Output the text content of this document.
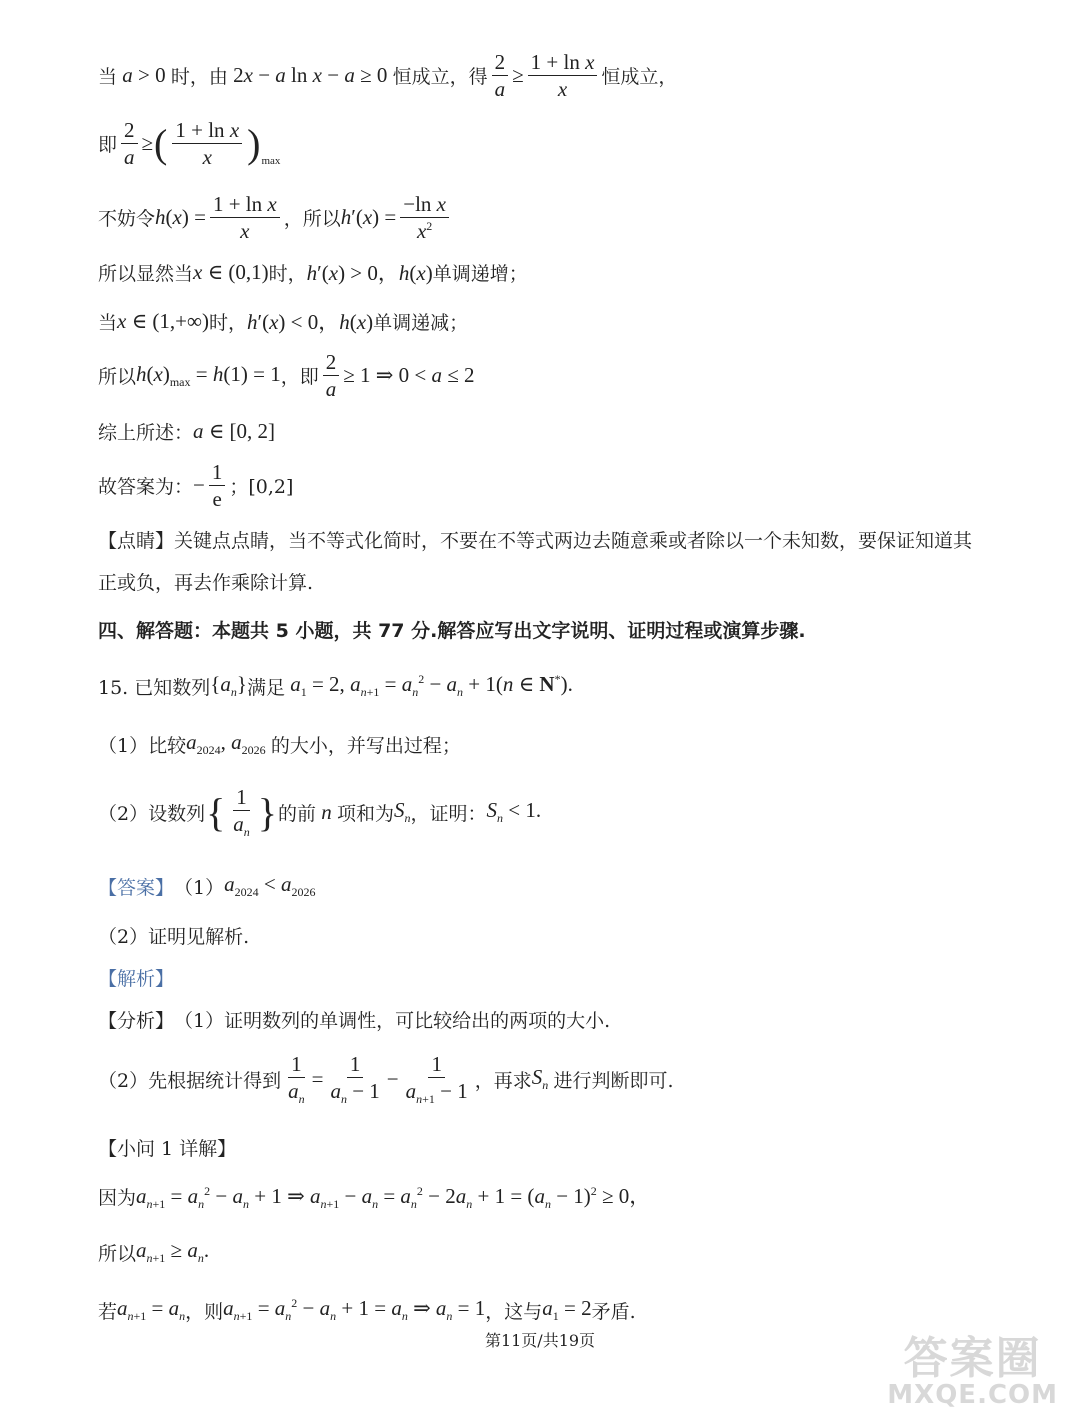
当 a > 0 时，由 2x − a ln x − a ≥ 0 恒成立，得 $\frac{2}{a} \ge \frac{\text{1 + ln x}}{x}$ 恒成立，
即 $\frac{2}{a}$ ≥ ( $\frac{\text{1 + ln x}}{x}$ ) max
不妨令 $h(x) = \frac{\text{1 + ln x}}{x}$ ，所以 $h'(x) = \frac{\text{−ln x}}{x^2}$
所以显然当 x ∈ (0,1) 时， h′(x) > 0，h(x) 单调递增；
当 x ∈ (1,+∞) 时， h′(x) < 0，h(x) 单调递减；
所以 $h(x)_{max} = h(1) = 1$ ，即 $\frac{2}{a} \ge 1$ ⇒ 0 < a ≤ 2
综上所述： a ∈ [0, 2]
故答案为： − $\frac{1}{e}$ ；[0,2]
【点睛】 关键点点睛，当不等式化简时，不要在不等式两边去随意乘或者除以一个未知数，要保证知道其
正或负，再去作乘除计算.
四、解答题：本题共 5 小题，共 77 分.解答应写出文字说明、证明过程或演算步骤.
15. 已知数列 $\{a_n\}$ 满足 $a_1 = 2$, $a_{n+1} = a_n^2 - a_n + 1(n$ ∈ N*).
（1）比较 $a_{2024}$, $a_{2026}$ 的大小，并写出过程；
（2）设数列 { $\frac{1}{a_n}$ } 的前 n 项和为 $S_n$ ，证明： $S_n < 1$.
【答案】 （1） $a_{2024} < a_{2026}$
（2）证明见解析.
【解析】
【分析】 （1）证明数列的单调性，可比较给出的两项的大小.
（2）先根据统计得到 $\frac{1}{a_n} = \frac{1}{a_n - 1} - \frac{1}{a_{n+1} - 1}$ ，再求 $S_n$ 进行判断即可.
【小问 1 详解】
因为 $a_{n+1} = a_n^2 - a_n + 1$ ⇒ $a_{n+1} - a_n = a_n^2 - 2a_n + 1 = (a_n - 1)^2 \ge 0$，
所以 $a_{n+1} \ge a_n$.
若 $a_{n+1} = a_n$ ，则 $a_{n+1} = a_n^2 - a_n + 1 = a_n$ ⇒ $a_n = 1$ ，这与 $a_1 = 2$ 矛盾.
第11页/共19页	答案圈
MXQE.COM
